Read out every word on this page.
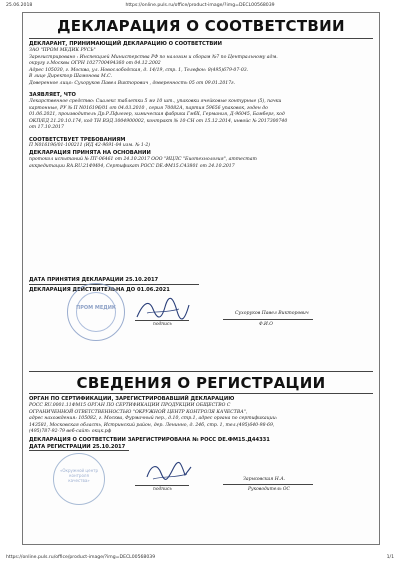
25.06.2018	https://online.puls.ru/office/product-image/?img=DECL00568039
ДЕКЛАРАЦИЯ О СООТВЕТСТВИИ
ДЕКЛАРАНТ, ПРИНИМАЮЩИЙ ДЕКЛАРАЦИЮ О СООТВЕТСТВИИ
ЗАО "ПРОМ МЕДИК РУСЬ"
Зарегистрировано : Инспекцией Министерства РФ по налогам и сборам №7 по Центральному адм.
округу г.Москвы ОГРН 1027700494360 от 04.12.2002
Адрес 105030, г. Москва, ул. Новослободская, д. 14/19, стр. 1, Телефон: 8(495)679-07-03.
В лице Директор Шамонова М.С.
Доверенное лицо: Сухоруков Павел Викторович , доверенность 05 от 09.01.2017г.
ЗАЯВЛЯЕТ, ЧТО
Лекарственное средство: Сиалекс таблетки 5 мг 10 шт., упаковки ячейковые контурные (5), пачки
картонные, РУ № П N016196/01 от 04.03.2010 , серия 70082А, партия 59656 упаковок, годен до
01.06.2021, производитель Др.Р.Пфлегер, химическая фабрика ГмбХ, Германия, Д-96045, Бамберг, код
ОКП/ЕД 21.20.10.174, код ТН ВЭД 3004900002, контракт № 10-СН от 15.12.2014, инвойс № 2017300740
от 17.10.2017
СООТВЕТСТВУЕТ ТРЕБОВАНИЯМ
П N016196/01-100211 (ИД 42-9691-04 изм. № 1-2)
ДЕКЛАРАЦИЯ ПРИНЯТА НА ОСНОВАНИИ
протокол испытаний № ПТ-06461 от 24.10.2017 ООО "ИЦЛС "Биотехнология", аттестат
аккредитации RA.RU.21ФМ04, Сертификат РОСС DE.ФМ15.С43801 от 24.10.2017
ДАТА ПРИНЯТИЯ ДЕКЛАРАЦИИ 25.10.2017
ДЕКЛАРАЦИЯ ДЕЙСТВИТЕЛЬНА ДО 01.06.2021
ПРОМ МЕДИК
подпись
Сухоруков Павел Викторович
Ф.И.О
СВЕДЕНИЯ О РЕГИСТРАЦИИ
ОРГАН ПО СЕРТИФИКАЦИИ, ЗАРЕГИСТРИРОВАВШИЙ ДЕКЛАРАЦИЮ
РОСС RU.0001.11ФМ15 ОРГАН ПО СЕРТИФИКАЦИИ ПРОДУКЦИИ ОБЩЕСТВО С
ОГРАНИЧЕННОЙ ОТВЕТСТВЕННОСТЬЮ "ОКРУЖНОЙ ЦЕНТР КОНТРОЛЯ КАЧЕСТВА",
адрес нахождения: 105082, г. Москва, Фурмачный пер., д.10, стр.1, адрес органа по сертификации:
143581, Московская область, Истринский район, дер. Ленинно, д. 24б, стр. 1, тел.(495)640-98-69,
(495)787-92-79 веб-сайт: окцк.рф
ДЕКЛАРАЦИЯ О СООТВЕТСТВИИ ЗАРЕГИСТРИРОВАНА № РОСС DE.ФМ15.Д44331
ДАТА РЕГИСТРАЦИИ 25.10.2017
«Окружной центр контроля качества»
подпись
Зарьковская Н.А.
Руководитель ОС
https://online.puls.ru/office/product-image/?img=DECL00568039	1/1
